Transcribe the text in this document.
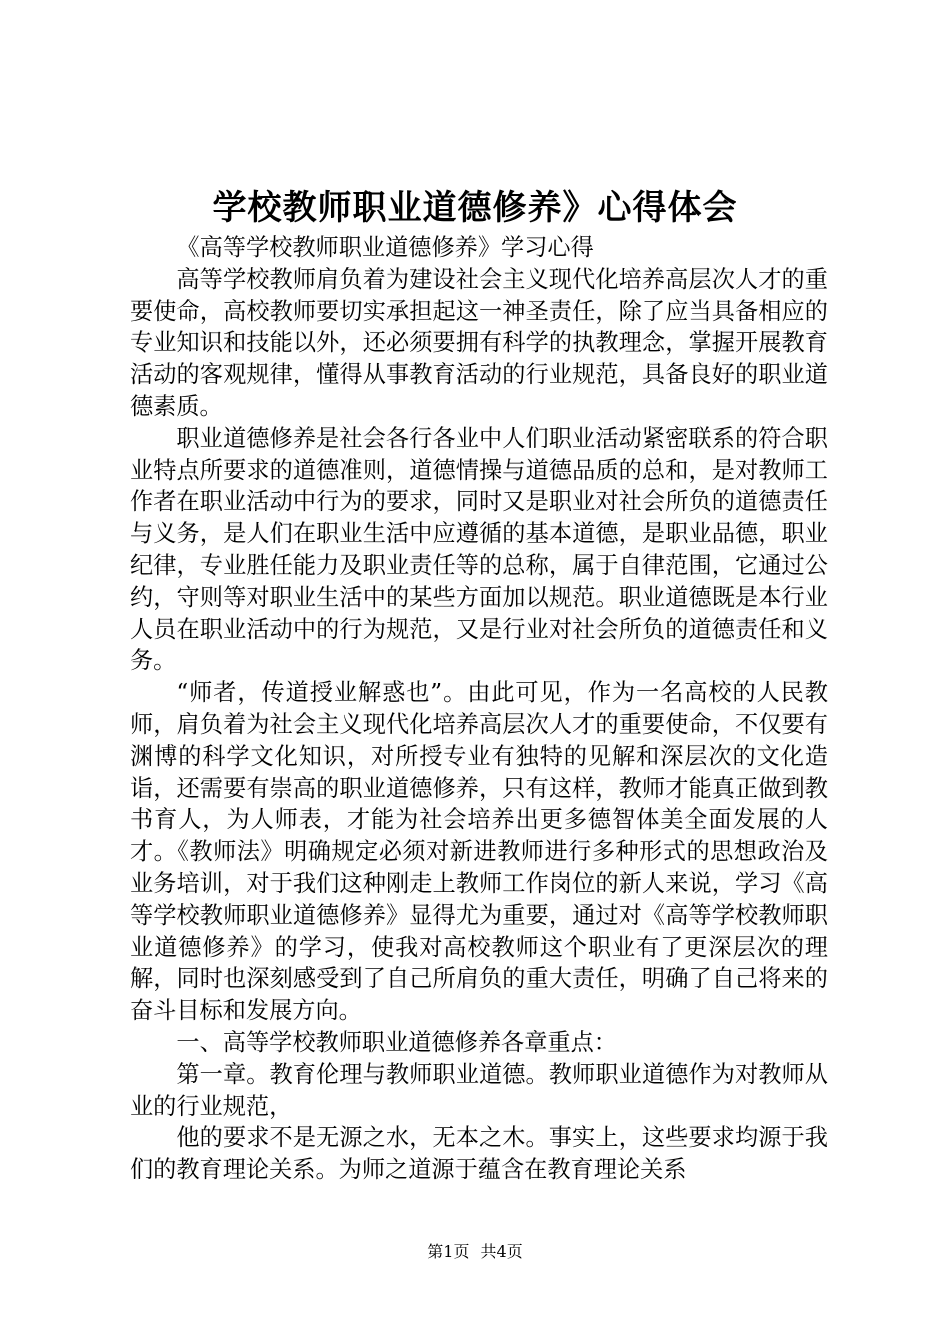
学校教师职业道德修养》心得体会

《高等学校教师职业道德修养》学习心得

高等学校教师肩负着为建设社会主义现代化培养高层次人才的重要使命，高校教师要切实承担起这一神圣责任，除了应当具备相应的专业知识和技能以外，还必须要拥有科学的执教理念，掌握开展教育活动的客观规律，懂得从事教育活动的行业规范，具备良好的职业道德素质。

职业道德修养是社会各行各业中人们职业活动紧密联系的符合职业特点所要求的道德准则，道德情操与道德品质的总和，是对教师工作者在职业活动中行为的要求，同时又是职业对社会所负的道德责任与义务，是人们在职业生活中应遵循的基本道德，是职业品德，职业纪律，专业胜任能力及职业责任等的总称，属于自律范围，它通过公约，守则等对职业生活中的某些方面加以规范。职业道德既是本行业人员在职业活动中的行为规范，又是行业对社会所负的道德责任和义务。

“师者，传道授业解惑也”。由此可见，作为一名高校的人民教师，肩负着为社会主义现代化培养高层次人才的重要使命，不仅要有渊博的科学文化知识，对所授专业有独特的见解和深层次的文化造诣，还需要有崇高的职业道德修养，只有这样，教师才能真正做到教书育人，为人师表，才能为社会培养出更多德智体美全面发展的人才。《教师法》明确规定必须对新进教师进行多种形式的思想政治及业务培训，对于我们这种刚走上教师工作岗位的新人来说，学习《高等学校教师职业道德修养》显得尤为重要，通过对《高等学校教师职业道德修养》的学习，使我对高校教师这个职业有了更深层次的理解，同时也深刻感受到了自己所肩负的重大责任，明确了自己将来的奋斗目标和发展方向。

一、高等学校教师职业道德修养各章重点：

第一章。教育伦理与教师职业道德。教师职业道德作为对教师从业的行业规范，

他的要求不是无源之水，无本之木。事实上，这些要求均源于我们的教育理论关系。为师之道源于蕴含在教育理论关系

第1页 共4页
